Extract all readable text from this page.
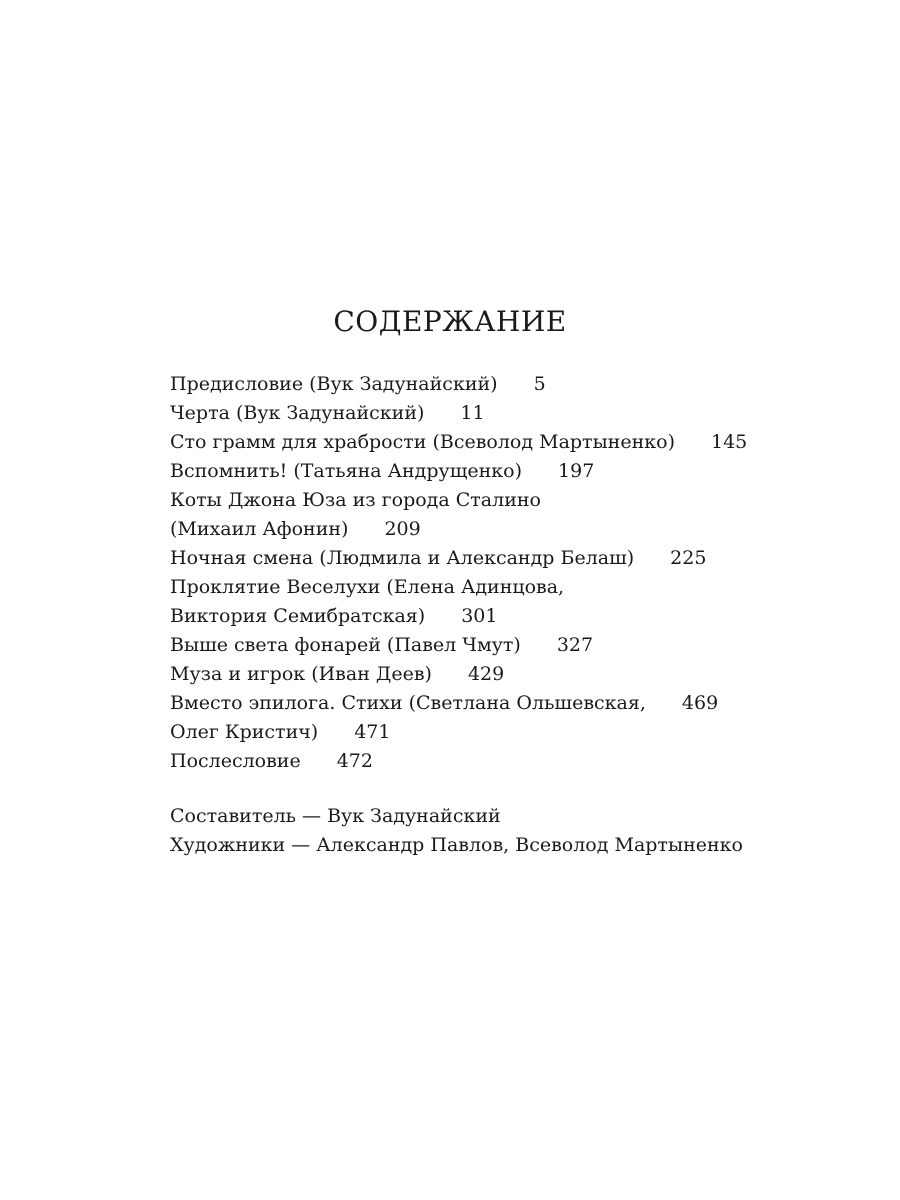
СОДЕРЖАНИЕ
Предисловие (Вук Задунайский) 5
Черта (Вук Задунайский) 11
Сто грамм для храбрости (Всеволод Мартыненко) 145
Вспомнить! (Татьяна Андрущенко) 197
Коты Джона Юза из города Сталино
(Михаил Афонин) 209
Ночная смена (Людмила и Александр Белаш) 225
Проклятие Веселухи (Елена Адинцова,
Виктория Семибратская) 301
Выше света фонарей (Павел Чмут) 327
Муза и игрок (Иван Деев) 429
Вместо эпилога. Стихи (Светлана Ольшевская, 469
Олег Кристич) 471
Послесловие 472
Составитель — Вук Задунайский
Художники — Александр Павлов, Всеволод Мартыненко
